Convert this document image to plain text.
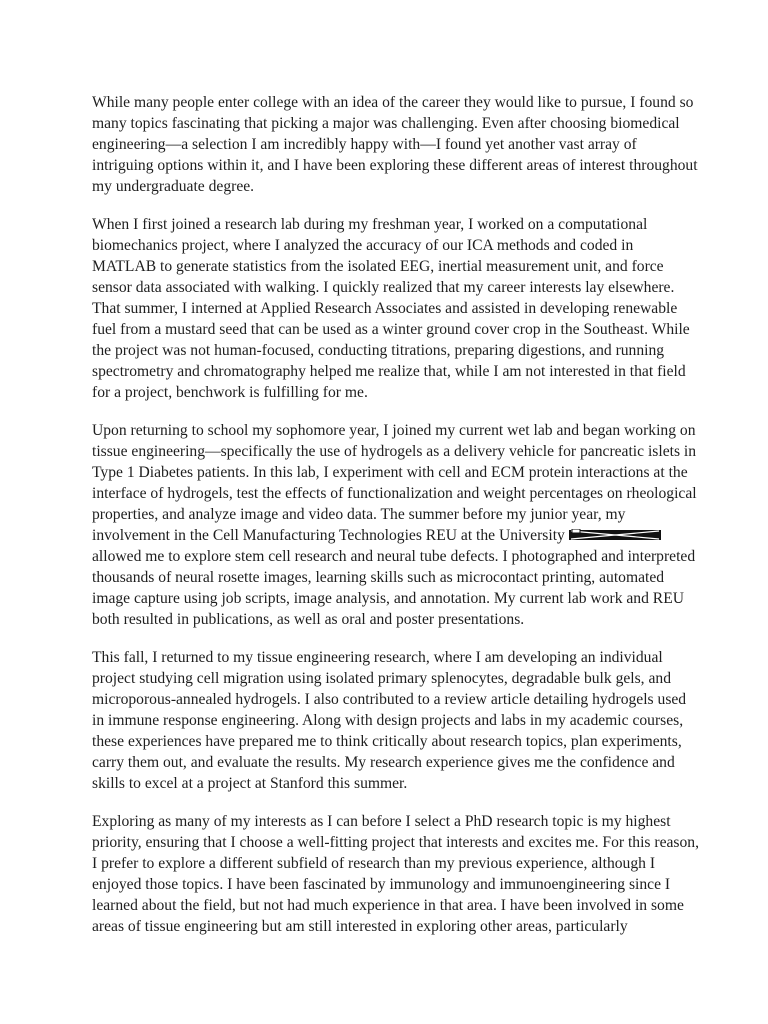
While many people enter college with an idea of the career they would like to pursue, I found so
many topics fascinating that picking a major was challenging. Even after choosing biomedical
engineering—a selection I am incredibly happy with—I found yet another vast array of
intriguing options within it, and I have been exploring these different areas of interest throughout
my undergraduate degree.

When I first joined a research lab during my freshman year, I worked on a computational
biomechanics project, where I analyzed the accuracy of our ICA methods and coded in
MATLAB to generate statistics from the isolated EEG, inertial measurement unit, and force
sensor data associated with walking. I quickly realized that my career interests lay elsewhere.
That summer, I interned at Applied Research Associates and assisted in developing renewable
fuel from a mustard seed that can be used as a winter ground cover crop in the Southeast. While
the project was not human-focused, conducting titrations, preparing digestions, and running
spectrometry and chromatography helped me realize that, while I am not interested in that field
for a project, benchwork is fulfilling for me.

Upon returning to school my sophomore year, I joined my current wet lab and began working on
tissue engineering—specifically the use of hydrogels as a delivery vehicle for pancreatic islets in
Type 1 Diabetes patients. In this lab, I experiment with cell and ECM protein interactions at the
interface of hydrogels, test the effects of functionalization and weight percentages on rheological
properties, and analyze image and video data. The summer before my junior year, my
involvement in the Cell Manufacturing Technologies REU at the University
allowed me to explore stem cell research and neural tube defects. I photographed and interpreted
thousands of neural rosette images, learning skills such as microcontact printing, automated
image capture using job scripts, image analysis, and annotation. My current lab work and REU
both resulted in publications, as well as oral and poster presentations.

This fall, I returned to my tissue engineering research, where I am developing an individual
project studying cell migration using isolated primary splenocytes, degradable bulk gels, and
microporous-annealed hydrogels. I also contributed to a review article detailing hydrogels used
in immune response engineering. Along with design projects and labs in my academic courses,
these experiences have prepared me to think critically about research topics, plan experiments,
carry them out, and evaluate the results. My research experience gives me the confidence and
skills to excel at a project at Stanford this summer.

Exploring as many of my interests as I can before I select a PhD research topic is my highest
priority, ensuring that I choose a well-fitting project that interests and excites me. For this reason,
I prefer to explore a different subfield of research than my previous experience, although I
enjoyed those topics. I have been fascinated by immunology and immunoengineering since I
learned about the field, but not had much experience in that area. I have been involved in some
areas of tissue engineering but am still interested in exploring other areas, particularly
